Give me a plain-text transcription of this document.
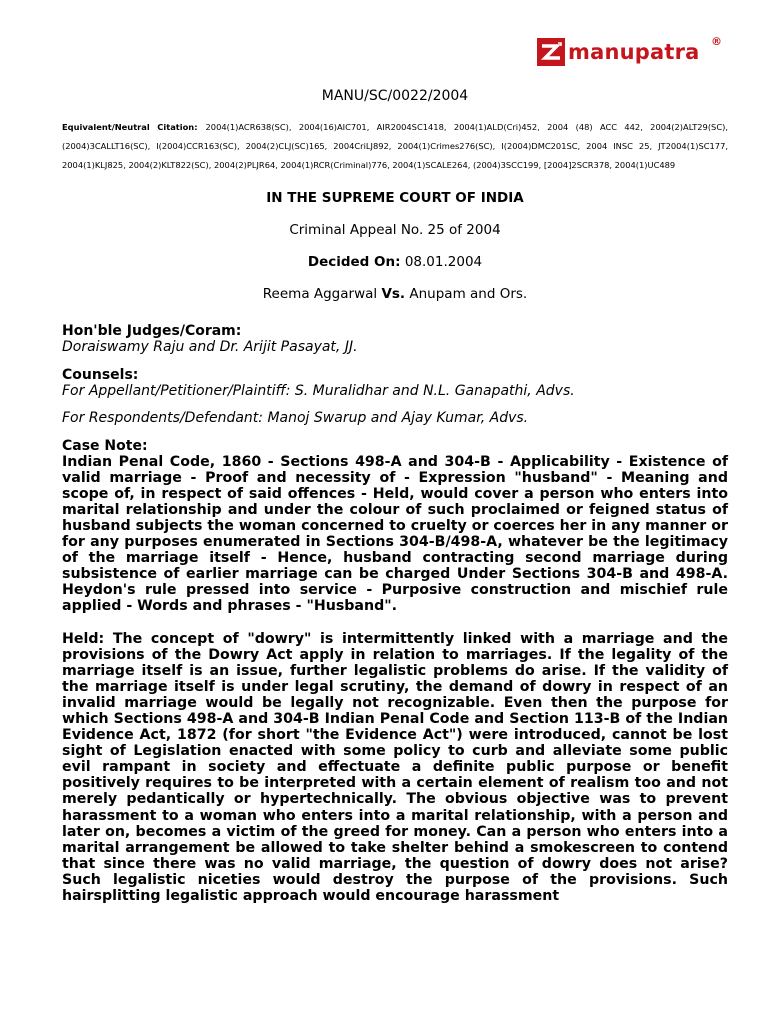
manupatra ®

MANU/SC/0022/2004

Equivalent/Neutral Citation: 2004(1)ACR638(SC), 2004(16)AIC701, AIR2004SC1418, 2004(1)ALD(Cri)452, 2004 (48) ACC 442, 2004(2)ALT29(SC), (2004)3CALLT16(SC), I(2004)CCR163(SC), 2004(2)CLJ(SC)165, 2004CriLJ892, 2004(1)Crimes276(SC), I(2004)DMC201SC, 2004 INSC 25, JT2004(1)SC177, 2004(1)KLJ825, 2004(2)KLT822(SC), 2004(2)PLJR64, 2004(1)RCR(Criminal)776, 2004(1)SCALE264, (2004)3SCC199, [2004]2SCR378, 2004(1)UC489

IN THE SUPREME COURT OF INDIA

Criminal Appeal No. 25 of 2004

Decided On: 08.01.2004

Reema Aggarwal Vs. Anupam and Ors.

Hon'ble Judges/Coram:

Doraiswamy Raju and Dr. Arijit Pasayat, JJ.

Counsels:

For Appellant/Petitioner/Plaintiff: S. Muralidhar and N.L. Ganapathi, Advs.

For Respondents/Defendant: Manoj Swarup and Ajay Kumar, Advs.

Case Note:

Indian Penal Code, 1860 - Sections 498-A and 304-B - Applicability - Existence of valid marriage - Proof and necessity of - Expression "husband" - Meaning and scope of, in respect of said offences - Held, would cover a person who enters into marital relationship and under the colour of such proclaimed or feigned status of husband subjects the woman concerned to cruelty or coerces her in any manner or for any purposes enumerated in Sections 304-B/498-A, whatever be the legitimacy of the marriage itself - Hence, husband contracting second marriage during subsistence of earlier marriage can be charged Under Sections 304-B and 498-A. Heydon's rule pressed into service - Purposive construction and mischief rule applied - Words and phrases - "Husband".

Held: The concept of "dowry" is intermittently linked with a marriage and the provisions of the Dowry Act apply in relation to marriages. If the legality of the marriage itself is an issue, further legalistic problems do arise. If the validity of the marriage itself is under legal scrutiny, the demand of dowry in respect of an invalid marriage would be legally not recognizable. Even then the purpose for which Sections 498-A and 304-B Indian Penal Code and Section 113-B of the Indian Evidence Act, 1872 (for short "the Evidence Act") were introduced, cannot be lost sight of Legislation enacted with some policy to curb and alleviate some public evil rampant in society and effectuate a definite public purpose or benefit positively requires to be interpreted with a certain element of realism too and not merely pedantically or hypertechnically. The obvious objective was to prevent harassment to a woman who enters into a marital relationship, with a person and later on, becomes a victim of the greed for money. Can a person who enters into a marital arrangement be allowed to take shelter behind a smokescreen to contend that since there was no valid marriage, the question of dowry does not arise? Such legalistic niceties would destroy the purpose of the provisions. Such hairsplitting legalistic approach would encourage harassment
